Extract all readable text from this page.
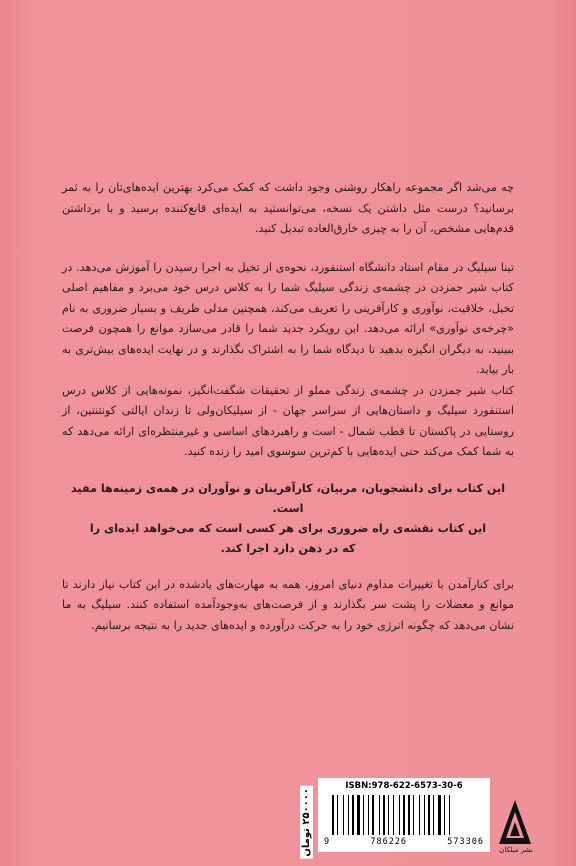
چه می‌شد اگر مجموعه راهکار روشنی وجود داشت که کمک می‌کرد بهترین ایده‌های‌تان را به ثمر برسانید؟ درست مثل داشتن یک نسخه، می‌توانستید به ایده‌ای قانع‌کننده برسید و با برداشتن قدم‌هایی مشخص، آن را به چیزی خارق‌العاده تبدیل کنید.

تینا سیلیگ در مقام استاد دانشگاه استنفورد، نحوه‌ی از تخیل به اجرا رسیدن را آموزش می‌دهد. در کتاب شیر جمزدن در چشمه‌ی زندگی سیلیگ شما را به کلاس درس خود می‌برد و مفاهیم اصلی تخیل، خلاقیت، نوآوری و کارآفرینی را تعریف می‌کند، همچنین مدلی ظریف و بسیار ضروری به نام «چرخه‌ی نوآوری» ارائه می‌دهد. این رویکرد جدید شما را قادر می‌سازد موانع را همچون فرصت ببینید، به دیگران انگیزه بدهید تا دیدگاه شما را به اشتراک بگذارند و در نهایت ایده‌های بیش‌تری به بار بیاید.

کتاب شیر جمزدن در چشمه‌ی زندگی مملو از تحقیقات شگفت‌انگیز، نمونه‌هایی از کلاس درس استنفورد سیلیگ و داستان‌هایی از سراسر جهان - از سیلیکان‌ولی تا زندان ایالتی کونتنتین، از روستایی در پاکستان تا قطب شمال - است و راهبردهای اساسی و غیرمنتظره‌ای ارائه می‌دهد که به شما کمک می‌کند حتی ایده‌هایی با کم‌ترین سوسوی امید را زنده کنید.

این کتاب برای دانشجویان، مربیان، کارآفرینان و نوآوران در همه‌ی زمینه‌ها مفید است.

این کتاب نقشه‌ی راه ضروری برای هر کسی است که می‌خواهد ایده‌ای را

که در ذهن دارد اجرا کند.

برای کنارآمدن با تغییرات مداوم دنیای امروز، همه به مهارت‌های یادشده در این کتاب نیاز دارند تا موانع و معضلات را پشت سر بگذارند و از فرصت‌های به‌وجودآمده استفاده کنند. سیلیگ به ما نشان می‌دهد که چگونه انرژی خود را به حرکت درآورده و ایده‌های جدید را به نتیجه برسانیم.

۲۵۰۰۰۰ تومان
ISBN:978-622-6573-30-6
9	786226	573306
نشر میلکان
